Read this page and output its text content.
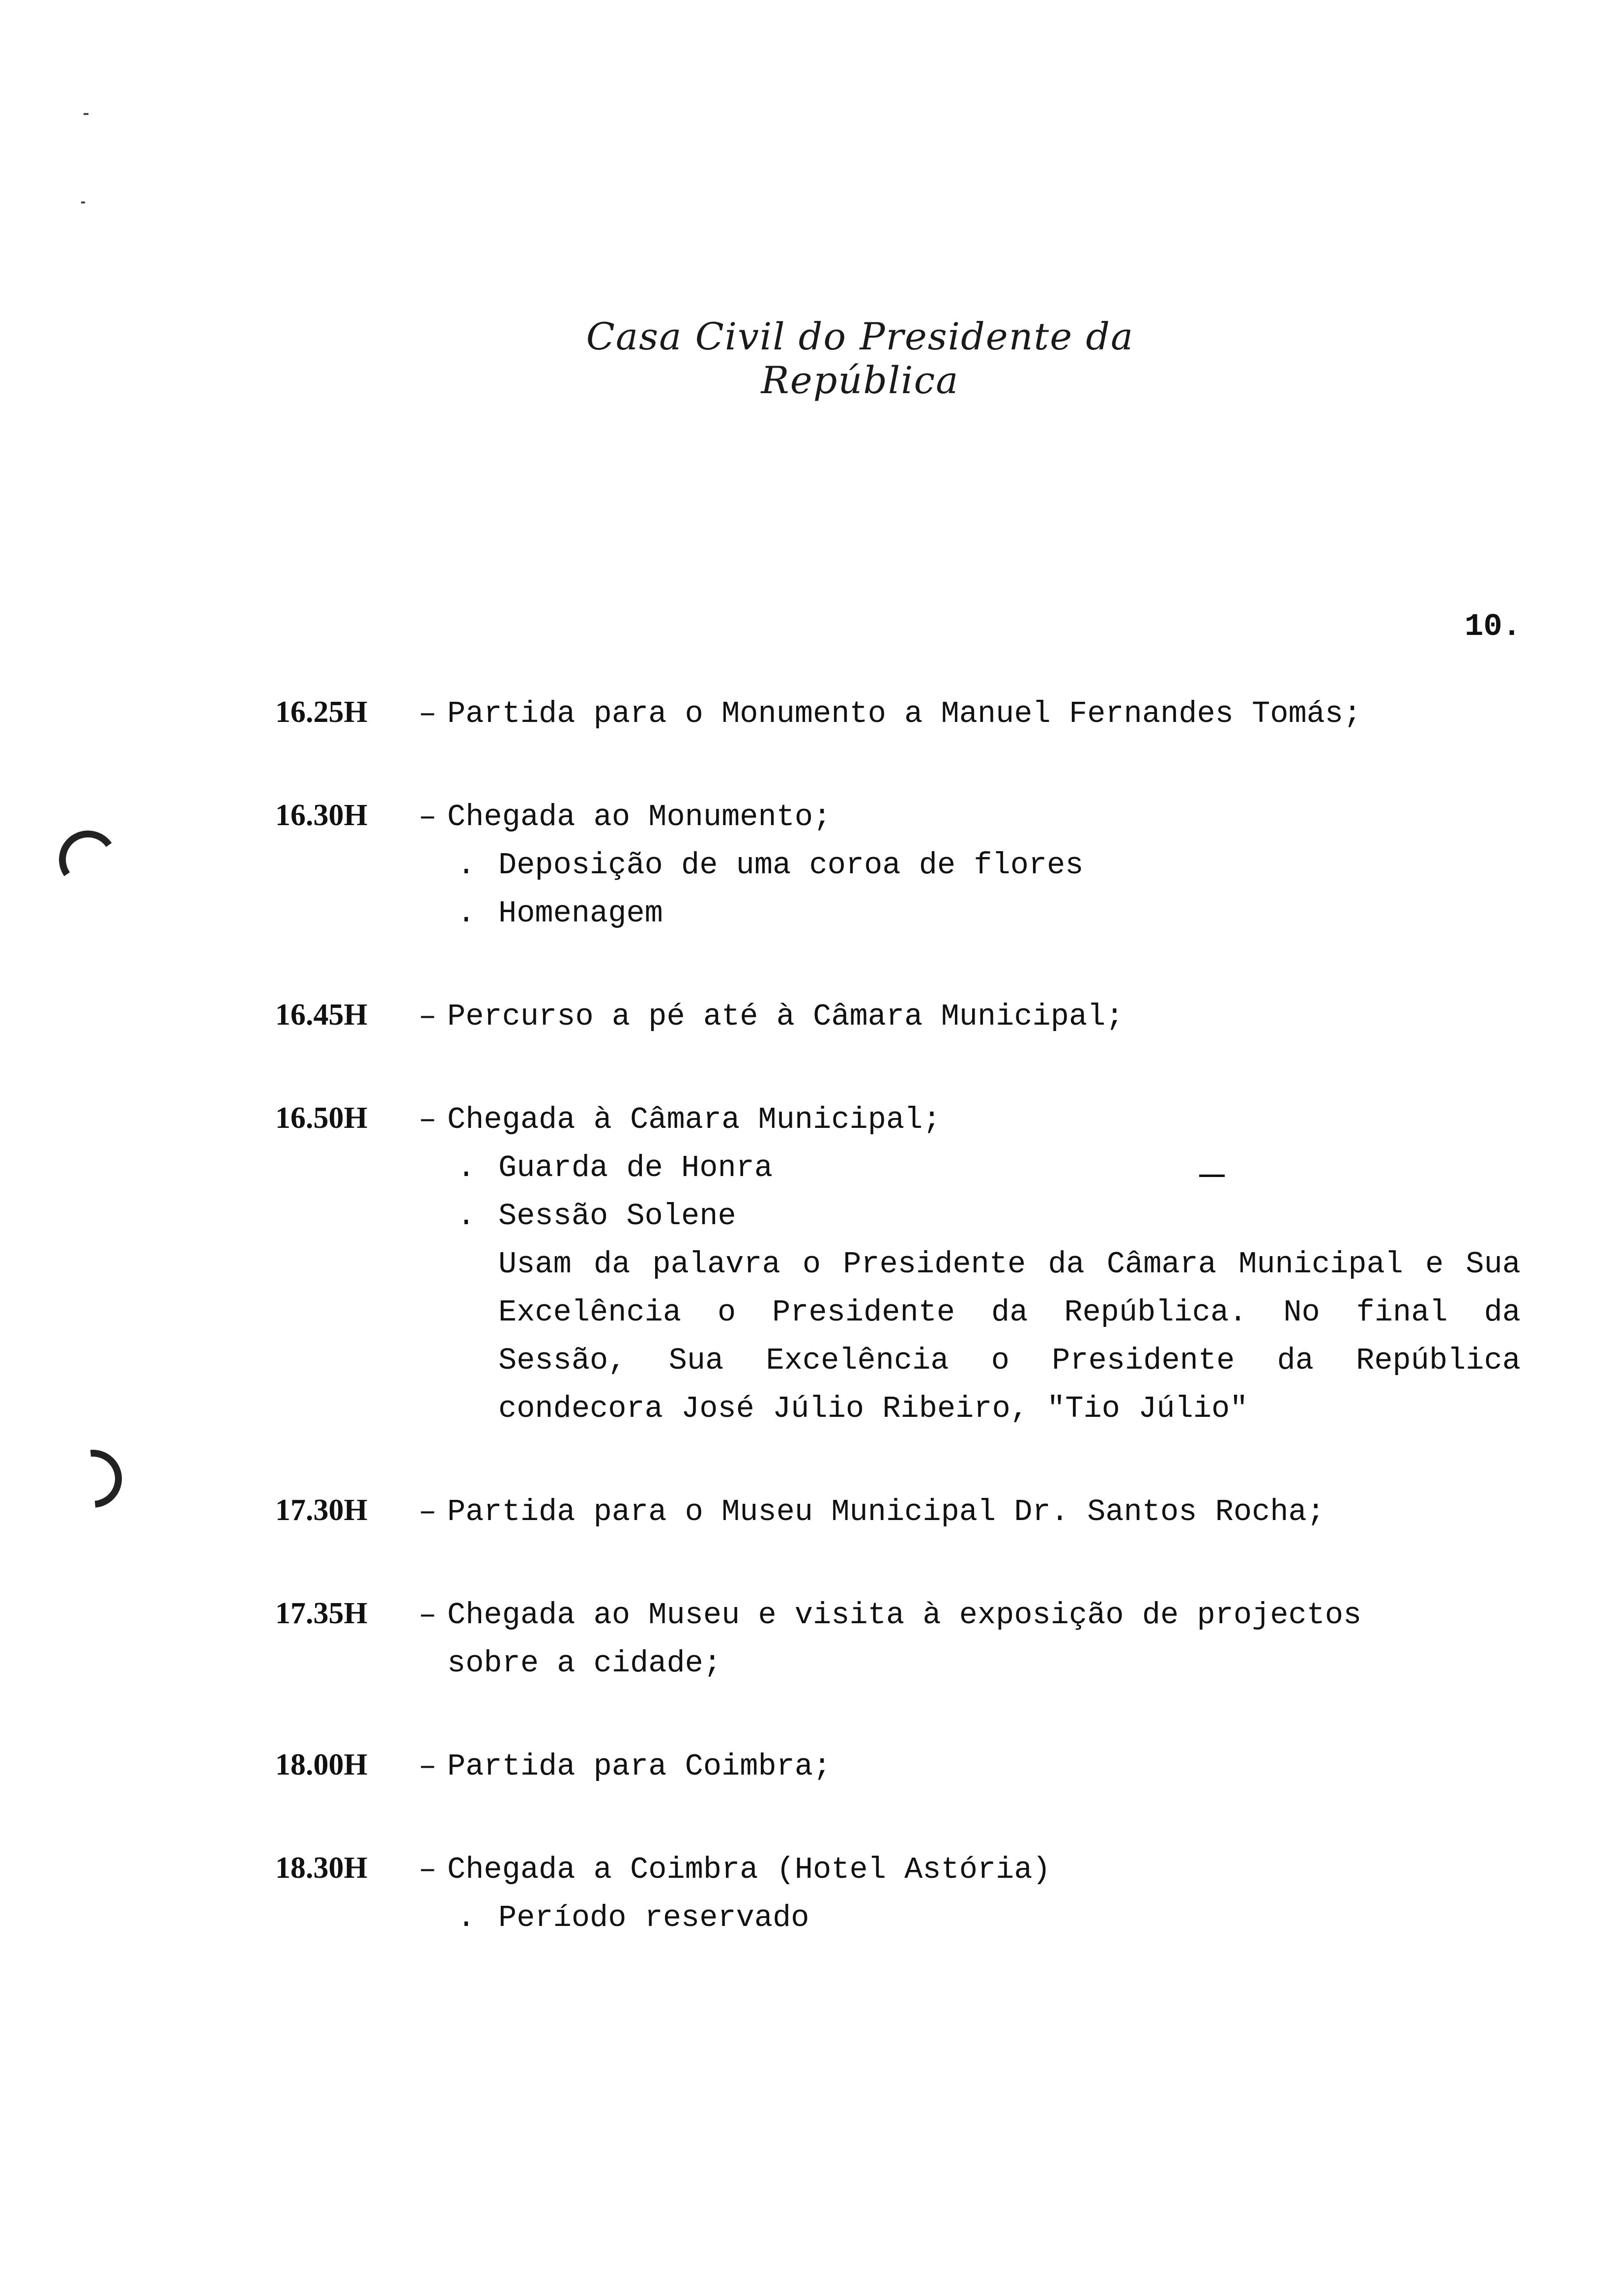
Casa Civil do Presidente da República
10.
16.25H	– Partida para o Monumento a Manuel Fernandes Tomás;
16.30H	– Chegada ao Monumento;
. Deposição de uma coroa de flores
. Homenagem
16.45H	– Percurso a pé até à Câmara Municipal;
16.50H	– Chegada à Câmara Municipal;
. Guarda de Honra
. Sessão Solene
Usam da palavra o Presidente da Câmara Municipal e Sua Excelência o Presidente da República. No final da Sessão, Sua Excelência o Presidente da República condecora José Júlio Ribeiro, "Tio Júlio"
17.30H	– Partida para o Museu Municipal Dr. Santos Rocha;
17.35H	– Chegada ao Museu e visita à exposição de projectos
sobre a cidade;
18.00H	– Partida para Coimbra;
18.30H	– Chegada a Coimbra (Hotel Astória)
. Período reservado
